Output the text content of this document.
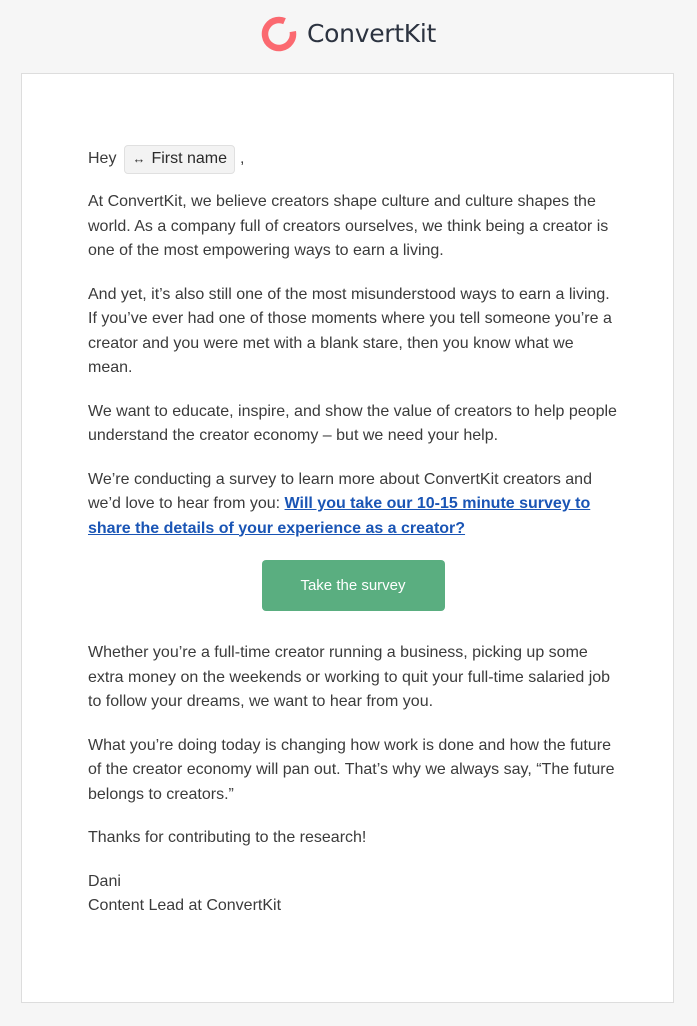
ConvertKit

Hey ↔ First name ,

At ConvertKit, we believe creators shape culture and culture shapes the world. As a company full of creators ourselves, we think being a creator is one of the most empowering ways to earn a living.

And yet, it’s also still one of the most misunderstood ways to earn a living. If you’ve ever had one of those moments where you tell someone you’re a creator and you were met with a blank stare, then you know what we mean.

We want to educate, inspire, and show the value of creators to help people understand the creator economy – but we need your help.

We’re conducting a survey to learn more about ConvertKit creators and we’d love to hear from you: Will you take our 10-15 minute survey to share the details of your experience as a creator?

Take the survey

Whether you’re a full-time creator running a business, picking up some extra money on the weekends or working to quit your full-time salaried job to follow your dreams, we want to hear from you.

What you’re doing today is changing how work is done and how the future of the creator economy will pan out. That’s why we always say, “The future belongs to creators.”

Thanks for contributing to the research!

Dani
Content Lead at ConvertKit
